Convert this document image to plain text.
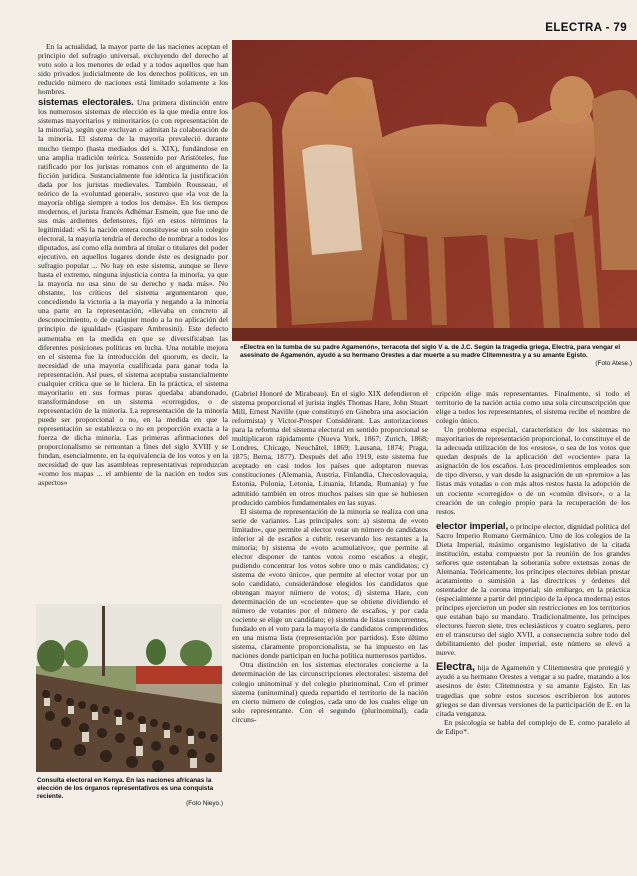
ELECTRA - 79

En la actualidad, la mayor parte de las naciones aceptan el principio del sufragio universal, excluyendo del derecho al voto solo a los menores de edad y a todos aquellos que han sido privados judicialmente de los derechos políticos, en un reducido número de naciones está limitado solamente a los hombres.

sistemas electorales. Una primera distinción entre los numerosos sistemas de elección es la que media entre los sistemas mayoritarios y minoritarios (o con representación de la minoría), según que excluyan o admitan la colaboración de la minoría. El sistema de la mayoría prevaleció durante mucho tiempo (hasta mediados del s. XIX), fundándose en una amplia tradición teórica. Sostenido por Aristóteles, fue ratificado por los juristas romanos con el argumento de la ficción jurídica. Sustancialmente fue idéntica la justificación dada por los juristas medievales. También Rousseau, el teórico de la «voluntad general», sostuvo que «la voz de la mayoría obliga siempre a todos los demás». En los tiempos modernos, el jurista francés Adhémar Esmein, que fue uno de sus más ardientes defensores, fijó en estos términos la legitimidad: «Si la nación entera constituyese un solo colegio electoral, la mayoría tendría el derecho de nombrar a todos los diputados, así como ella nombra al titular o titulares del poder ejecutivo, en aquellos lugares donde éste es designado por sufragio popular ... No hay en este sistema, aunque se lleve hasta el extremo, ninguna injusticia contra la minoría, ya que la mayoría no usa sino de su derecho y nada más». No obstante, los críticos del sistema argumentaron que, concediendo la victoria a la mayoría y negando a la minoría una parte en la representación, «llevaba en concreto al desconocimiento, o de cualquier modo a la no aplicación del principio de igualdad» (Gaspare Ambrosini). Este defecto aumentaba en la medida en que se diversificaban las diferentes posiciones políticas en lucha. Una notable mejora en el sistema fue la introducción del quorum, es decir, la necesidad de una mayoría cualificada para ganar toda la representación. Así pues, el sistema aceptaba sustancialmente cualquier crítica que se le hiciera. En la práctica, el sistema mayoritario en sus formas puras quedaba abandonado, transformándose en un sistema «corregidos, o de representación de la minoría. La representación de la minoría puede ser proporcional o no, en la medida en que la representación se establezca o no en proporción exacta a la fuerza de dicha minoría. Las primeras afirmaciones del proporcionalismo se remontan a fines del siglo XVIII y se fundan, esencialmente, en la equivalencia de los votos y en la necesidad de que las asambleas representativas reproduzcan «como los mapas ... el ambiente de la nación en todos sus aspectos»

«Electra en la tumba de su padre Agamenón», terracota del siglo V a. de J.C. Según la tragedia griega, Electra, para vengar el asesinato de Agamenón, ayudó a su hermano Orestes a dar muerte a su madre Clitemnestra y a su amante Egisto.
(Foto Atese.)

(Gabriel Honoré de Mirabeau). En el siglo XIX defendieron el sistema proporcional el jurista inglés Thomas Hare, John Stuart Mill, Ernest Naville (que constituyó en Ginebra una asociación reformista) y Victor-Prosper Considérant. Las autorizaciones para la reforma del sistema electoral en sentido proporcional se multiplicaron rápidamente (Nueva York, 1867; Zurich, 1868; Londres, Chicago, Neuchâtel, 1869; Lausana, 1874; Praga, 1875; Berna, 1877). Después del año 1919, este sistema fue aceptado en casi todos los países que adoptaron nuevas constituciones (Alemania, Austria, Finlandia, Checoslovaquia, Estonia, Polonia, Letonia, Lituania, Irlanda, Rumania) y fue admitido también en otros muchos países sin que se hubiesen producido cambios fundamentales en las suyas.

El sistema de representación de la minoría se realiza con una serie de variantes. Las principales son: a) sistema de «voto limitado», que permite al elector votar un número de candidatos inferior al de escaños a cubrir, reservando los restantes a la minoría; b) sistema de «voto acumulativo», que permite al elector disponer de tantos votos como escaños a elegir, pudiendo concentrar los votos sobre uno o más candidatos; c) sistema de «voto único», que permite al elector votar por un solo candidato, considerándose elegidos los candidatos que obtengan mayor número de votos; d) sistema Hare, con determinación de un «cociente» que se obtiene dividiendo el número de votantes por el número de escaños, y por cada cociente se elige un candidato; e) sistema de listas concurrentes, fundado en el voto para la mayoría de candidatos comprendidos en una misma lista (representación por partidos). Este último sistema, claramente proporcionalista, se ha impuesto en las naciones donde participan en lucha política numerosos partidos.

Otra distinción en los sistemas electorales concierne a la determinación de las circunscripciones electorales: sistema del colegio uninominal y del colegio plurinominal. Con el primer sistema (uninominal) queda repartido el territorio de la nación en cierto número de colegios, cada uno de los cuales elige un solo representante. Con el segundo (plurinominal), cada circuns-

cripción elige más representantes. Finalmente, si todo el territorio de la nación actúa como una sola circunscripción que elige a todos los representantes, el sistema recibe el nombre de colegio único.

Un problema especial, característico de los sistemas no mayoritarios de representación proporcional, lo constituye el de la adecuada utilización de los «restos», o sea de los votos que quedan después de la aplicación del «cociente» para la asignación de los escaños. Los procedimientos empleados son de tipo diverso, y van desde la asignación de un «premio» a las listas más votadas o con más altos restos hasta la adopción de un cociente «corregido» o de un «común divisor», o a la creación de un colegio propio para la recuperación de los restos.

elector imperial, o príncipe elector, dignidad política del Sacro Imperio Romano Germánico. Uno de los colegios de la Dieta Imperial, máximo organismo legislativo de la citada institución, estaba compuesto por la reunión de los grandes señores que ostentaban la soberanía sobre extensas zonas de Alemania. Teóricamente, los príncipes electores debían prestar acatamiento o sumisión a las directrices y órdenes del ostentador de la corona imperial; sin embargo, en la práctica (especialmente a partir del principio de la época moderna) estos príncipes ejercieron un poder sin restricciones en los territorios que estaban bajo su mandato. Tradicionalmente, los príncipes electores fueron siete, tres eclesiásticos y cuatro seglares, pero en el transcurso del siglo XVII, a consecuencia sobre todo del debilitamiento del poder imperial, este número se elevó a nueve.

Electra, hija de Agamenón y Clitemnestra que protegió y ayudó a su hermano Orestes a vengar a su padre, matando a los asesinos de éste: Clitemnestra y su amante Egisto. En las tragedias que sobre estos sucesos escribieron los autores griegos se dan diversas versiones de la participación de E. en la citada venganza.

En psicología se habla del complejo de E. como paralelo al de Edipo*.

Consulta electoral en Kenya. En las naciones africanas la elección de los órganos representativos es una conquista reciente.
(Foto Nieyo.)
